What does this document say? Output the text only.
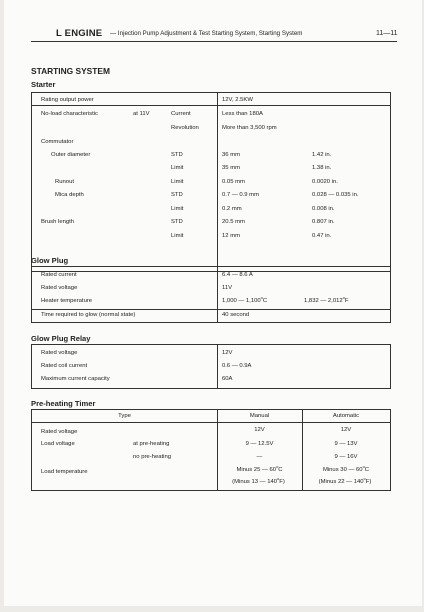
L ENGINE — Injection Pump Adjustment & Test Starting System, Starting System	11—11
STARTING SYSTEM
Starter
Rating output power	12V, 2.5KW
No-load characteristic	at 11V	Current	Less than 180A
Revolution	More than 3,500 rpm
Commutator
Outer diameter	STD	36 mm	1.42 in.
Limit	35 mm	1.38 in.
Runout	Limit	0.05 mm	0.0020 in.
Mica depth	STD	0.7 — 0.9 mm	0.028 — 0.035 in.
Limit	0.2 mm	0.008 in.
Brush length	STD	20.5 mm	0.807 in.
Limit	12 mm	0.47 in.
Glow Plug
Rated current	6.4 — 8.6 A
Rated voltage	11V
Heater temperature	1,000 — 1,100$^o$C	1,832 — 2,012$^o$F
Time required to glow (normal state)	40 second
Glow Plug Relay
Rated voltage	12V
Rated coil current	0.6 — 0.9A
Maximum current capacity	60A
Pre-heating Timer
Type	Manual	Automatic
Rated voltage	12V	12V
Load voltage	at pre-heating	9 — 12.5V	9 — 13V
no pre-heating	—	9 — 16V
Load temperature	Minus 25 — 60$^o$C	Minus 30 — 60$^o$C
(Minus 13 — 140$^o$F)	(Minus 22 — 140$^o$F)
